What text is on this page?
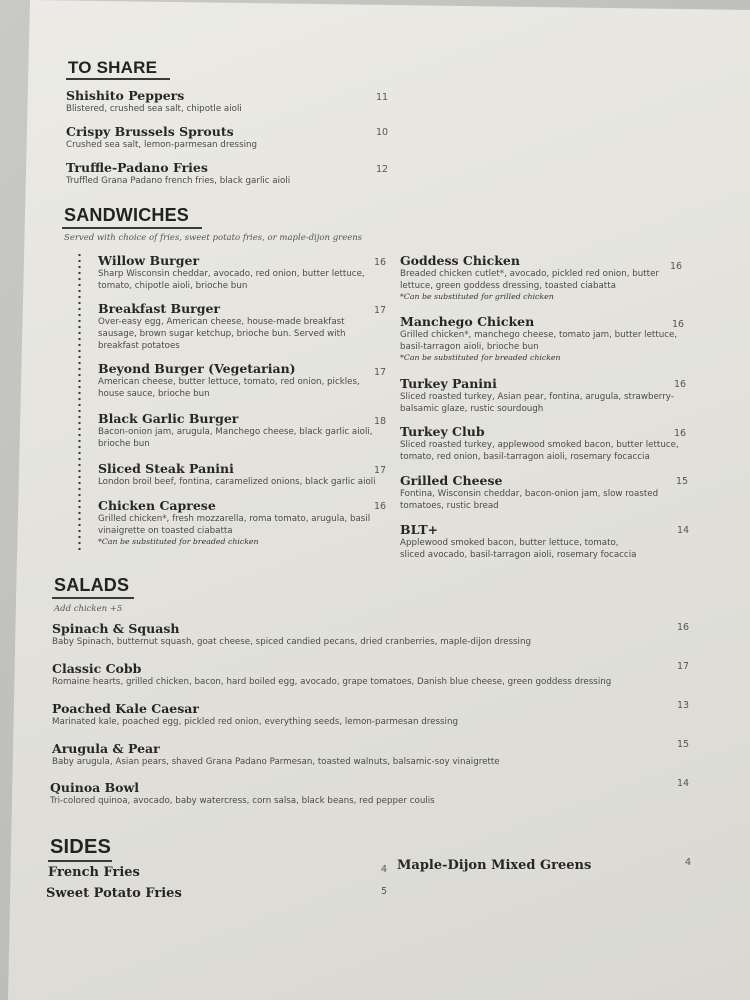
TO SHARE
Shishito Peppers
Blistered, crushed sea salt, chipotle aioli
11
Crispy Brussels Sprouts
Crushed sea salt, lemon-parmesan dressing
10
Truffle-Padano Fries
Truffled Grana Padano french fries, black garlic aioli
12
SANDWICHES
Served with choice of fries, sweet potato fries, or maple-dijon greens
Willow Burger
Sharp Wisconsin cheddar, avocado, red onion, butter lettuce,
tomato, chipotle aioli, brioche bun
16
Breakfast Burger
Over-easy egg, American cheese, house-made breakfast
sausage, brown sugar ketchup, brioche bun. Served with
breakfast potatoes
17
Beyond Burger (Vegetarian)
American cheese, butter lettuce, tomato, red onion, pickles,
house sauce, brioche bun
17
Black Garlic Burger
Bacon-onion jam, arugula, Manchego cheese, black garlic aioli,
brioche bun
18
Sliced Steak Panini
London broil beef, fontina, caramelized onions, black garlic aioli
17
Chicken Caprese
Grilled chicken*, fresh mozzarella, roma tomato, arugula, basil
vinaigrette on toasted ciabatta
*Can be substituted for breaded chicken
16
Goddess Chicken
Breaded chicken cutlet*, avocado, pickled red onion, butter
lettuce, green goddess dressing, toasted ciabatta
*Can be substituted for grilled chicken
16
Manchego Chicken
Grilled chicken*, manchego cheese, tomato jam, butter lettuce,
basil-tarragon aioli, brioche bun
*Can be substituted for breaded chicken
16
Turkey Panini
Sliced roasted turkey, Asian pear, fontina, arugula, strawberry-
balsamic glaze, rustic sourdough
16
Turkey Club
Sliced roasted turkey, applewood smoked bacon, butter lettuce,
tomato, red onion, basil-tarragon aioli, rosemary focaccia
16
Grilled Cheese
Fontina, Wisconsin cheddar, bacon-onion jam, slow roasted
tomatoes, rustic bread
15
BLT+
Applewood smoked bacon, butter lettuce, tomato,
sliced avocado, basil-tarragon aioli, rosemary focaccia
14
SALADS
Add chicken +5
Spinach & Squash
Baby Spinach, butternut squash, goat cheese, spiced candied pecans, dried cranberries, maple-dijon dressing
16
Classic Cobb
Romaine hearts, grilled chicken, bacon, hard boiled egg, avocado, grape tomatoes, Danish blue cheese, green goddess dressing
17
Poached Kale Caesar
Marinated kale, poached egg, pickled red onion, everything seeds, lemon-parmesan dressing
13
Arugula & Pear
Baby arugula, Asian pears, shaved Grana Padano Parmesan, toasted walnuts, balsamic-soy vinaigrette
15
Quinoa Bowl
Tri-colored quinoa, avocado, baby watercress, corn salsa, black beans, red pepper coulis
14
SIDES
French Fries	4
Sweet Potato Fries	5
Maple-Dijon Mixed Greens	4
